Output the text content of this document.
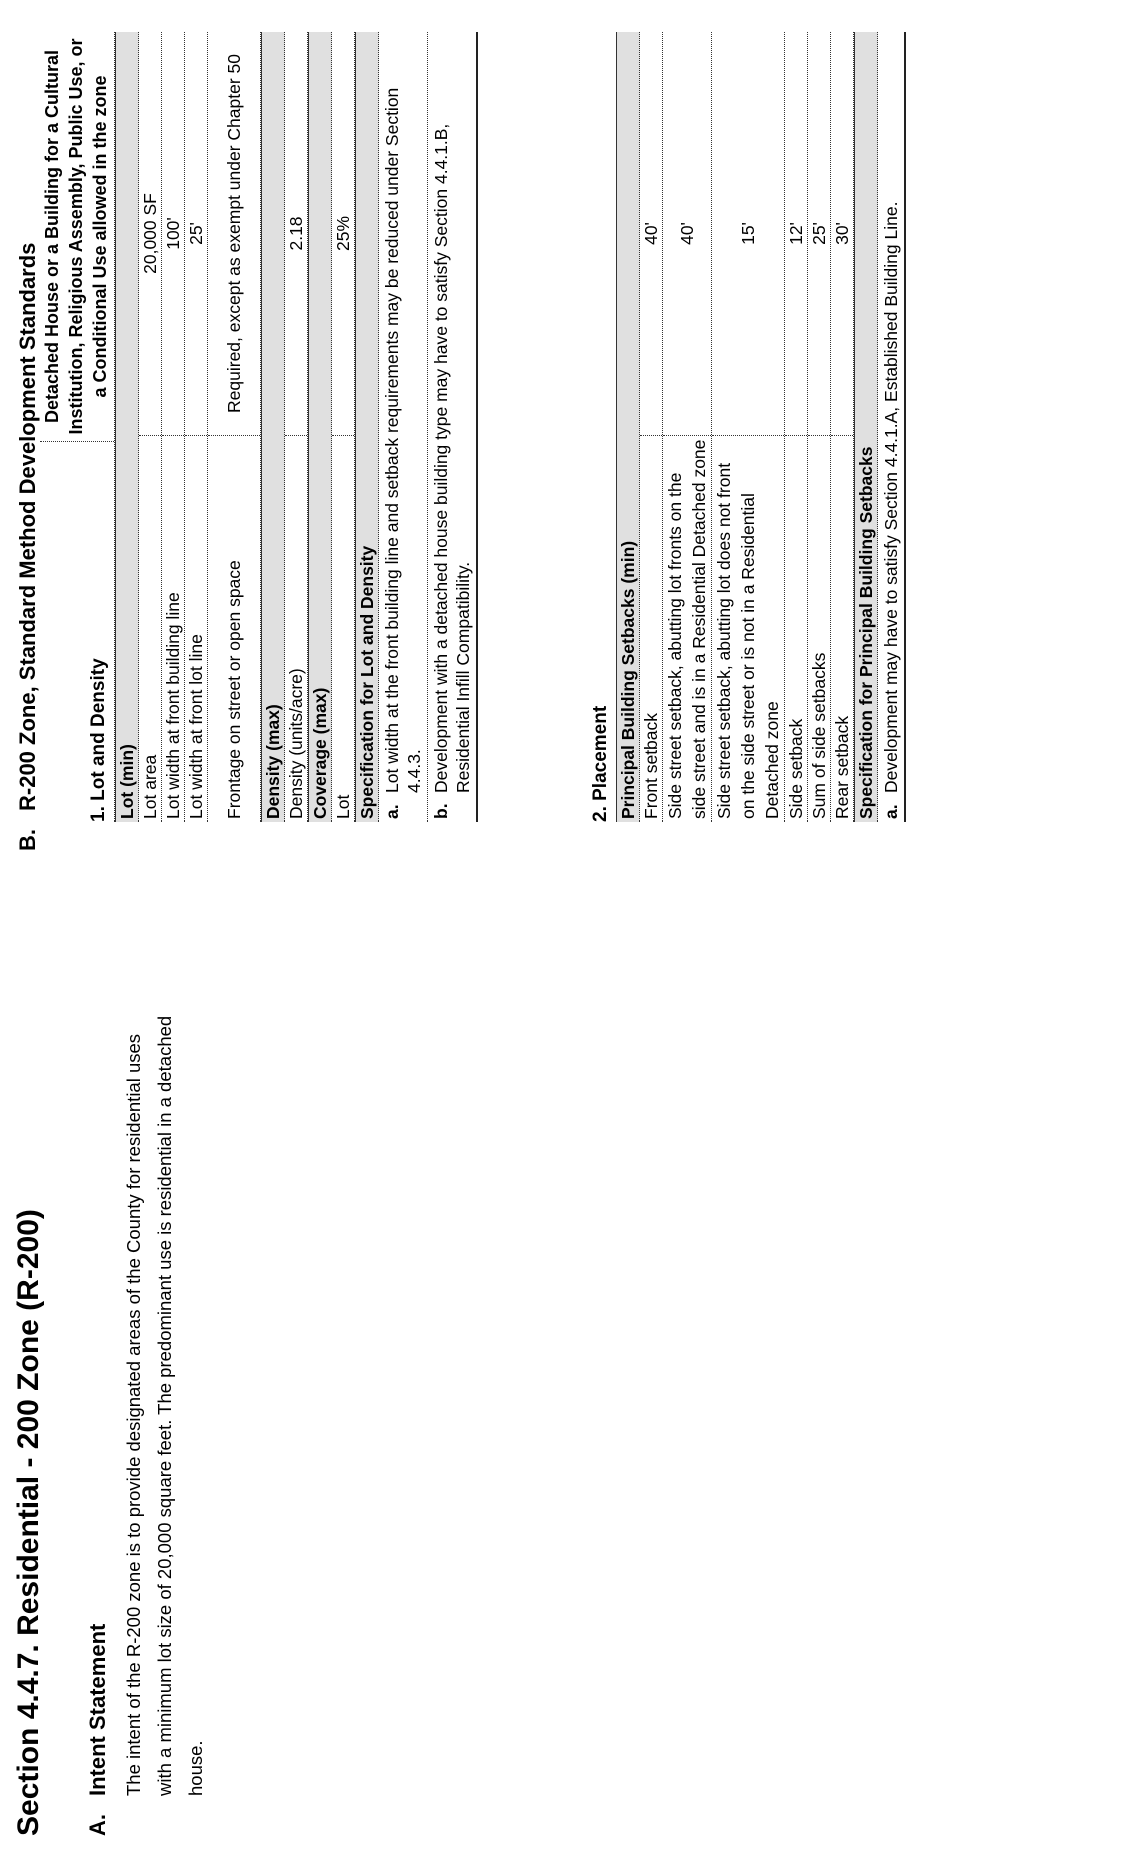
Section 4.4.7. Residential - 200 Zone (R-200) A.Intent Statement The intent of the R-200 zone is to provide designated areas of the County for residential uses with a minimum lot size of 20,000 square feet. The predominant use is residential in a detached house.
B.R-200 Zone, Standard Method Development Standards	1. Lot and Density
Detached House or a Building for a Cultural Institution, Religious Assembly, Public Use, or a Conditional Use allowed in the zone
Lot (min) Lot area
20,000 SF
Lot width at front building line
100'
Lot width at front lot line
25'
Frontage on street or open space
Required, except as exempt under Chapter 50
Density (max) Density (units/acre)
2.18
Coverage (max) Lot
25%
Specification for Lot and Density a.
Lot width at the front building line and setback requirements may be reduced under Section 4.4.3.
b.
Development with a detached house building type may have to satisfy Section 4.4.1.B, Residential Infill Compatibility.	2. Placement Principal Building Setbacks (min) Front setback
40'
Side street setback, abutting lot fronts on the side street and is in a Residential Detached zone
40'
Side street setback, abutting lot does not front on the side street or is not in a Residential Detached zone
15'
Side setback
12'
Sum of side setbacks
25'
Rear setback
30'
Specification for Principal Building Setbacks a.
Development may have to satisfy Section 4.4.1.A, Established Building Line.
